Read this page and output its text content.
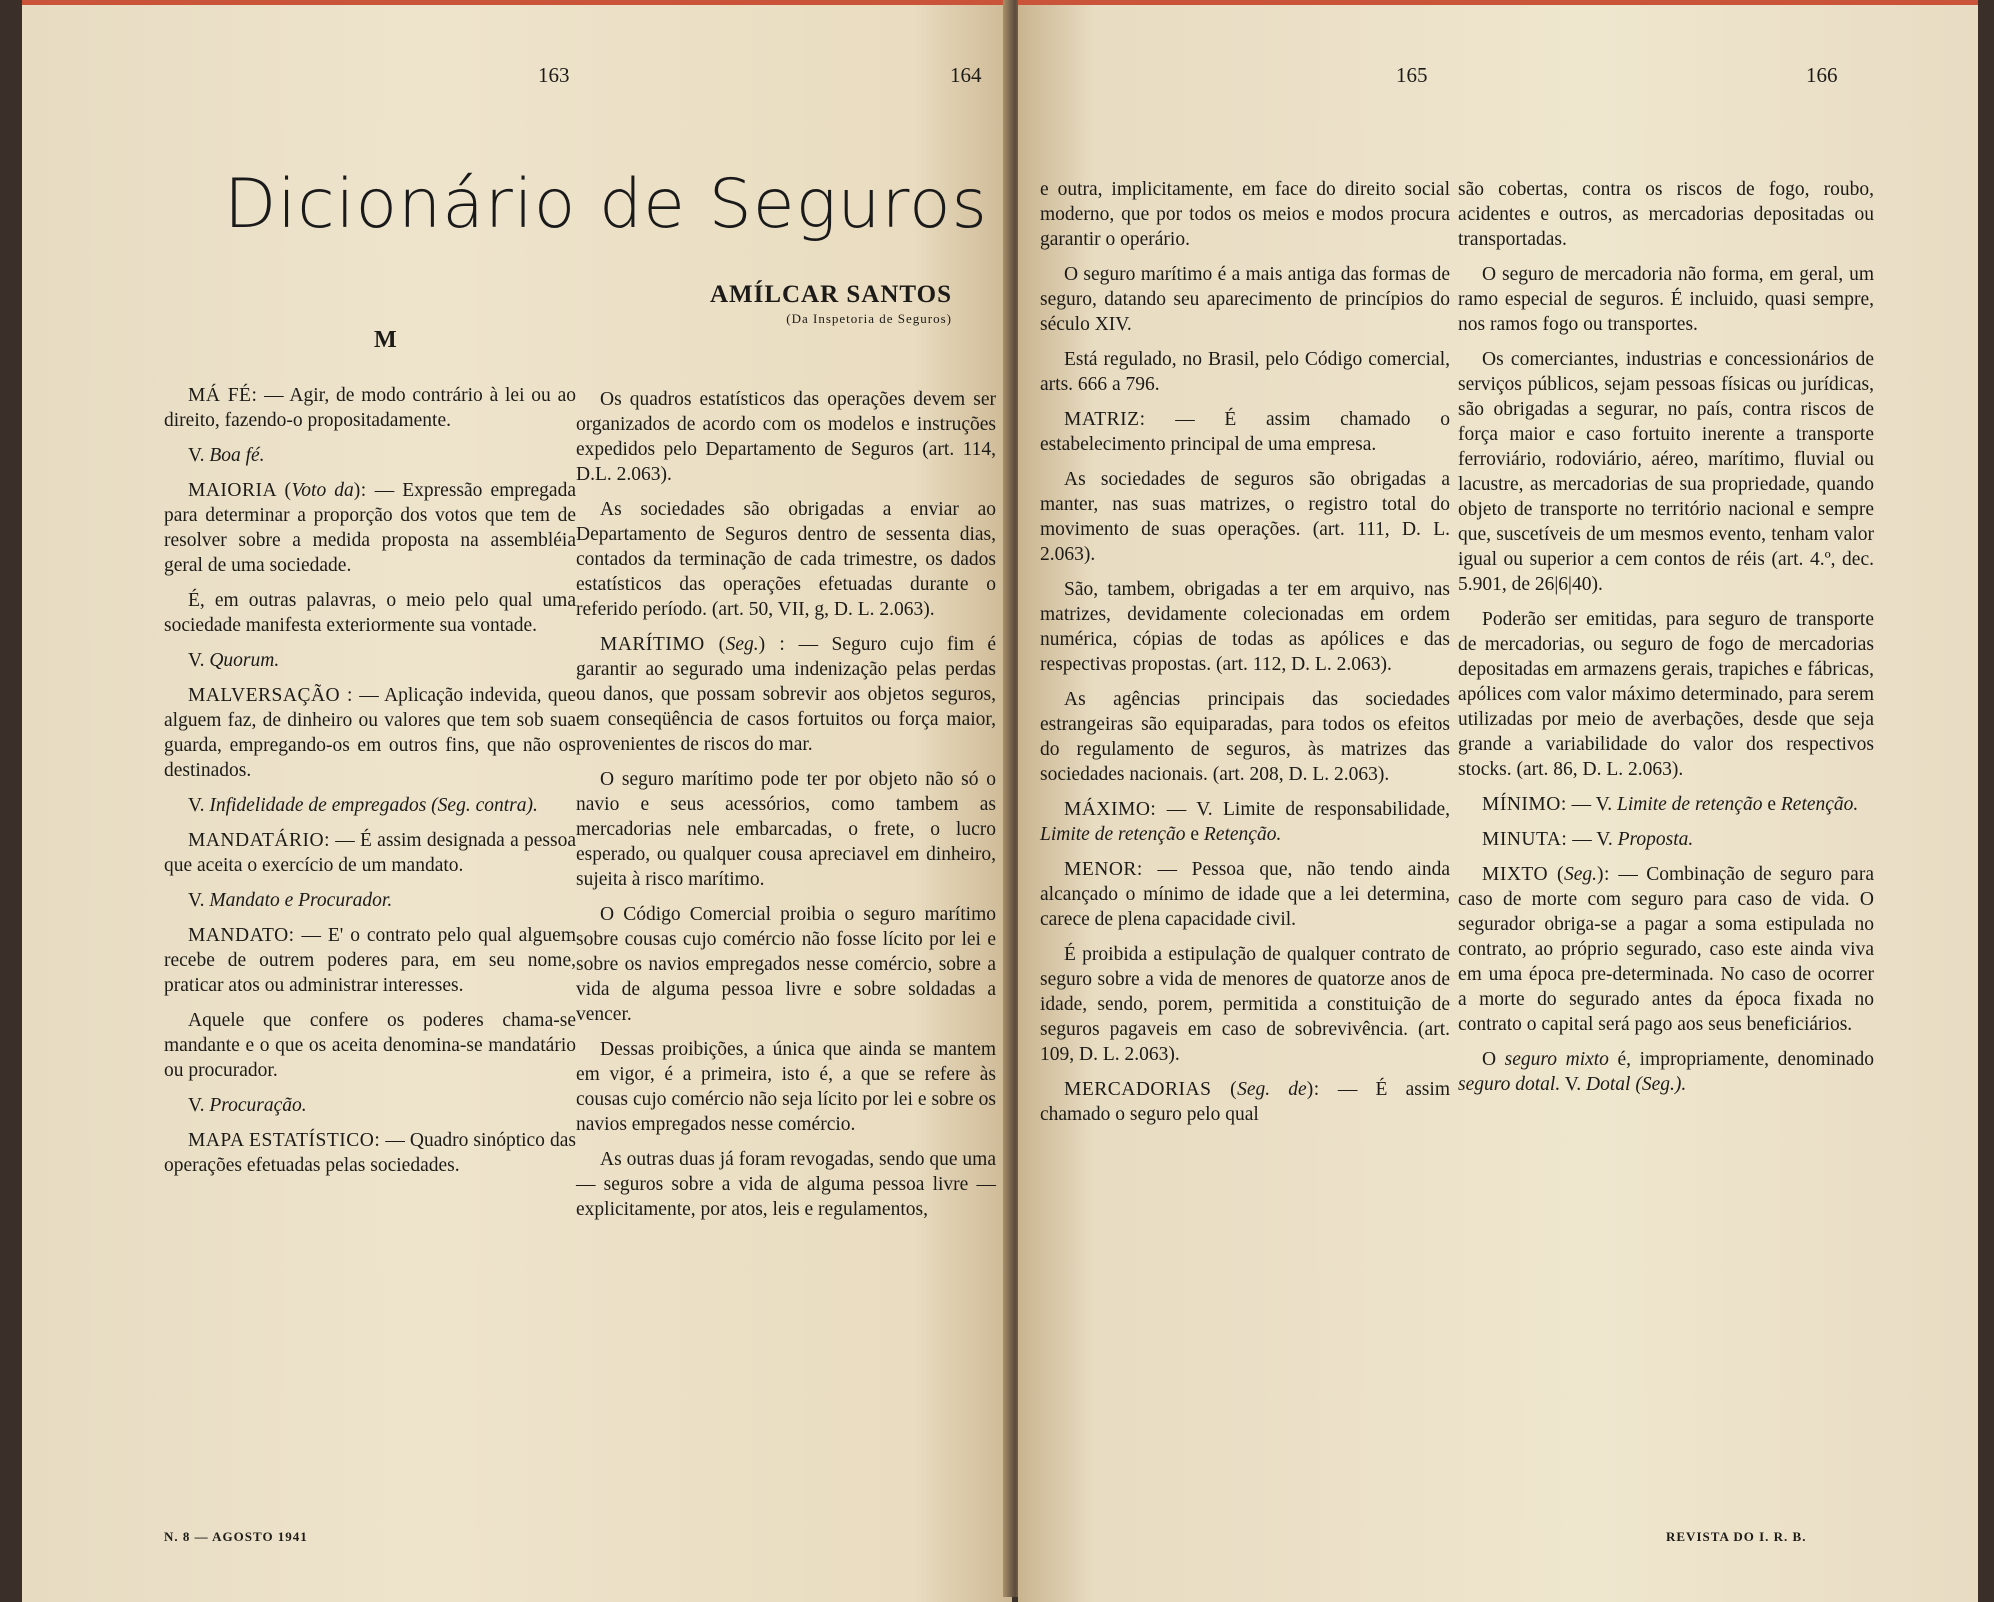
163	164
Dicionário de Seguros
AMÍLCAR SANTOS
(Da Inspetoria de Seguros)
M

MÁ FÉ: — Agir, de modo contrário à lei ou ao direito, fazendo-o propositadamente.

V. Boa fé.

MAIORIA (Voto da): — Expressão empregada para determinar a proporção dos votos que tem de resolver sobre a medida proposta na assembléia geral de uma sociedade.

É, em outras palavras, o meio pelo qual uma sociedade manifesta exteriormente sua vontade.

V. Quorum.

MALVERSAÇÃO : — Aplicação indevida, que alguem faz, de dinheiro ou valores que tem sob sua guarda, empregando-os em outros fins, que não os destinados.

V. Infidelidade de empregados (Seg. contra).

MANDATÁRIO: — É assim designada a pessoa que aceita o exercício de um mandato.

V. Mandato e Procurador.

MANDATO: — E' o contrato pelo qual alguem recebe de outrem poderes para, em seu nome, praticar atos ou administrar interesses.

Aquele que confere os poderes chama-se mandante e o que os aceita denomina-se mandatário ou procurador.

V. Procuração.

MAPA ESTATÍSTICO: — Quadro sinóptico das operações efetuadas pelas sociedades.

Os quadros estatísticos das operações devem ser organizados de acordo com os modelos e instruções expedidos pelo Departamento de Seguros (art. 114, D.L. 2.063).

As sociedades são obrigadas a enviar ao Departamento de Seguros dentro de sessenta dias, contados da terminação de cada trimestre, os dados estatísticos das operações efetuadas durante o referido período. (art. 50, VII, g, D. L. 2.063).

MARÍTIMO (Seg.) : — Seguro cujo fim é garantir ao segurado uma indenização pelas perdas ou danos, que possam sobrevir aos objetos seguros, em conseqüência de casos fortuitos ou força maior, provenientes de riscos do mar.

O seguro marítimo pode ter por objeto não só o navio e seus acessórios, como tambem as mercadorias nele embarcadas, o frete, o lucro esperado, ou qualquer cousa apreciavel em dinheiro, sujeita à risco marítimo.

O Código Comercial proibia o seguro marítimo sobre cousas cujo comércio não fosse lícito por lei e sobre os navios empregados nesse comércio, sobre a vida de alguma pessoa livre e sobre soldadas a vencer.

Dessas proibições, a única que ainda se mantem em vigor, é a primeira, isto é, a que se refere às cousas cujo comércio não seja lícito por lei e sobre os navios empregados nesse comércio.

As outras duas já foram revogadas, sendo que uma — seguros sobre a vida de alguma pessoa livre — explicitamente, por atos, leis e regulamentos,

N. 8 — AGOSTO 1941
165	166

e outra, implicitamente, em face do direito social moderno, que por todos os meios e modos procura garantir o operário.

O seguro marítimo é a mais antiga das formas de seguro, datando seu aparecimento de princípios do século XIV.

Está regulado, no Brasil, pelo Código comercial, arts. 666 a 796.

MATRIZ: — É assim chamado o estabelecimento principal de uma empresa.

As sociedades de seguros são obrigadas a manter, nas suas matrizes, o registro total do movimento de suas operações. (art. 111, D. L. 2.063).

São, tambem, obrigadas a ter em arquivo, nas matrizes, devidamente colecionadas em ordem numérica, cópias de todas as apólices e das respectivas propostas. (art. 112, D. L. 2.063).

As agências principais das sociedades estrangeiras são equiparadas, para todos os efeitos do regulamento de seguros, às matrizes das sociedades nacionais. (art. 208, D. L. 2.063).

MÁXIMO: — V. Limite de responsabilidade, Limite de retenção e Retenção.

MENOR: — Pessoa que, não tendo ainda alcançado o mínimo de idade que a lei determina, carece de plena capacidade civil.

É proibida a estipulação de qualquer contrato de seguro sobre a vida de menores de quatorze anos de idade, sendo, porem, permitida a constituição de seguros pagaveis em caso de sobrevivência. (art. 109, D. L. 2.063).

MERCADORIAS (Seg. de): — É assim chamado o seguro pelo qual

são cobertas, contra os riscos de fogo, roubo, acidentes e outros, as mercadorias depositadas ou transportadas.

O seguro de mercadoria não forma, em geral, um ramo especial de seguros. É incluido, quasi sempre, nos ramos fogo ou transportes.

Os comerciantes, industrias e concessionários de serviços públicos, sejam pessoas físicas ou jurídicas, são obrigadas a segurar, no país, contra riscos de força maior e caso fortuito inerente a transporte ferroviário, rodoviário, aéreo, marítimo, fluvial ou lacustre, as mercadorias de sua propriedade, quando objeto de transporte no território nacional e sempre que, suscetíveis de um mesmos evento, tenham valor igual ou superior a cem contos de réis (art. 4.º, dec. 5.901, de 26|6|40).

Poderão ser emitidas, para seguro de transporte de mercadorias, ou seguro de fogo de mercadorias depositadas em armazens gerais, trapiches e fábricas, apólices com valor máximo determinado, para serem utilizadas por meio de averbações, desde que seja grande a variabilidade do valor dos respectivos stocks. (art. 86, D. L. 2.063).

MÍNIMO: — V. Limite de retenção e Retenção.

MINUTA: — V. Proposta.

MIXTO (Seg.): — Combinação de seguro para caso de morte com seguro para caso de vida. O segurador obriga-se a pagar a soma estipulada no contrato, ao próprio segurado, caso este ainda viva em uma época pre-determinada. No caso de ocorrer a morte do segurado antes da época fixada no contrato o capital será pago aos seus beneficiários.

O seguro mixto é, impropriamente, denominado seguro dotal. V. Dotal (Seg.).

REVISTA DO I. R. B.
